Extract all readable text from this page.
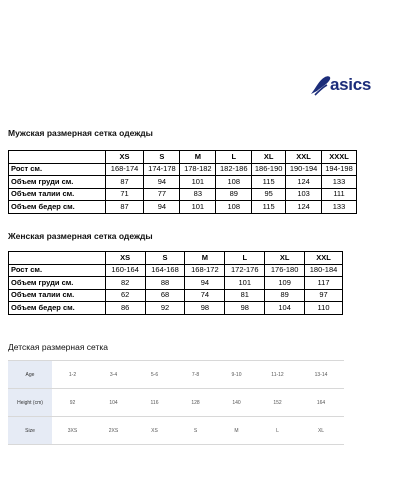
asics
Мужская размерная сетка одежды
	XS	S	M	L	XL	XXL	XXXL
Рост см.	168-174	174-178	178-182	182-186	186-190	190-194	194-198
Объем груди см.	87	94	101	108	115	124	133
Объем талии см.	71	77	83	89	95	103	111
Объем бедер см.	87	94	101	108	115	124	133
Женская размерная сетка одежды
	XS	S	M	L	XL	XXL
Рост см.	160-164	164-168	168-172	172-176	176-180	180-184
Объем груди см.	82	88	94	101	109	117
Объем талии см.	62	68	74	81	89	97
Объем бедер см.	86	92	98	98	104	110
Детская размерная сетка
Age	1-2	3-4	5-6	7-8	9-10	11-12	13-14
Height (cm)	92	104	116	128	140	152	164
Size	3XS	2XS	XS	S	M	L	XL
